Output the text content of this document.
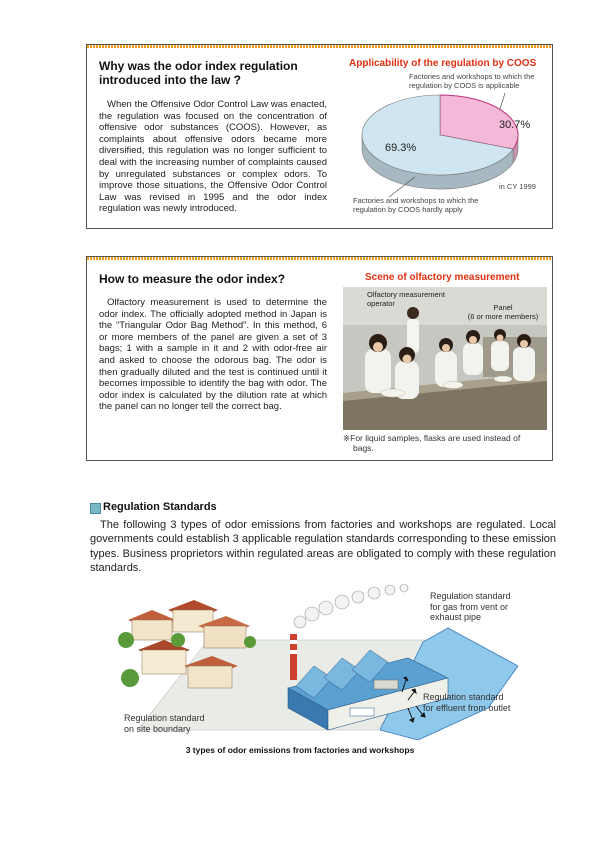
Why was the odor index regulation
introduced into the law ?
When the Offensive Odor Control Law was enacted, the regulation was focused on the concentration of offensive odor substances (COOS). However, as complaints about offensive odors became more diversified, this regulation was no longer sufficient to deal with the increasing number of complaints caused by unregulated substances or complex odors. To improve those situations, the Offensive Odor Control Law was revised in 1995 and the odor index regulation was newly introduced.
Applicability of the regulation by COOS
Factories and workshops to which the
regulation by COOS is applicable
30.7%
69.3%
in CY 1999
Factories and workshops to which the
regulation by COOS hardly apply
How to measure the odor index?
Olfactory measurement is used to determine the odor index. The officially adopted method in Japan is the “Triangular Odor Bag Method”. In this method, 6 or more members of the panel are given a set of 3 bags; 1 with a sample in it and 2 with odor-free air and asked to choose the odorous bag. The odor is then gradually diluted and the test is continued until it becomes impossible to identify the bag with odor. The odor index is calculated by the dilution rate at which the panel can no longer tell the correct bag.
Scene of olfactory measurement
Olfactory measurement
operator	Panel
(6 or more members)
※For liquid samples, flasks are used instead of
bags.
Regulation Standards
The following 3 types of odor emissions from factories and workshops are regulated. Local governments could establish 3 applicable regulation standards corresponding to these emission types. Business proprietors within regulated areas are obligated to comply with these regulation standards.
Regulation standard
for gas from vent or
exhaust pipe
Regulation standard
for effluent from outlet
Regulation standard
on site boundary
3 types of odor emissions from factories and workshops
